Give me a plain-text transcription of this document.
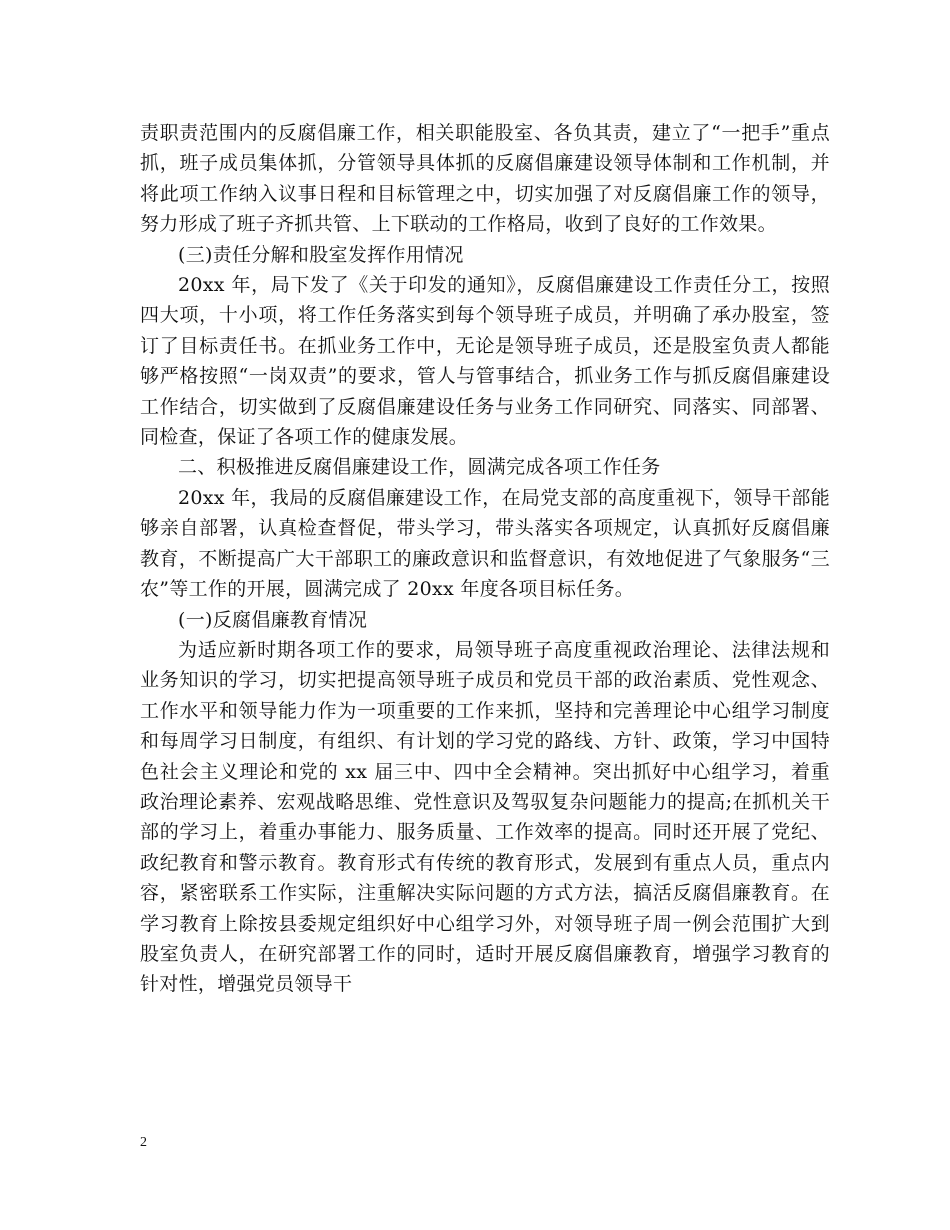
责职责范围内的反腐倡廉工作，相关职能股室、各负其责，建立了“一把手”重点抓，班子成员集体抓，分管领导具体抓的反腐倡廉建设领导体制和工作机制，并将此项工作纳入议事日程和目标管理之中，切实加强了对反腐倡廉工作的领导，努力形成了班子齐抓共管、上下联动的工作格局，收到了良好的工作效果。

(三)责任分解和股室发挥作用情况

20xx 年，局下发了《关于印发的通知》，反腐倡廉建设工作责任分工，按照四大项，十小项，将工作任务落实到每个领导班子成员，并明确了承办股室，签订了目标责任书。在抓业务工作中，无论是领导班子成员，还是股室负责人都能够严格按照“一岗双责”的要求，管人与管事结合，抓业务工作与抓反腐倡廉建设工作结合，切实做到了反腐倡廉建设任务与业务工作同研究、同落实、同部署、同检查，保证了各项工作的健康发展。

二、积极推进反腐倡廉建设工作，圆满完成各项工作任务

20xx 年，我局的反腐倡廉建设工作，在局党支部的高度重视下，领导干部能够亲自部署，认真检查督促，带头学习，带头落实各项规定，认真抓好反腐倡廉教育，不断提高广大干部职工的廉政意识和监督意识，有效地促进了气象服务“三农”等工作的开展，圆满完成了 20xx 年度各项目标任务。

(一)反腐倡廉教育情况

为适应新时期各项工作的要求，局领导班子高度重视政治理论、法律法规和业务知识的学习，切实把提高领导班子成员和党员干部的政治素质、党性观念、工作水平和领导能力作为一项重要的工作来抓，坚持和完善理论中心组学习制度和每周学习日制度，有组织、有计划的学习党的路线、方针、政策，学习中国特色社会主义理论和党的 xx 届三中、四中全会精神。突出抓好中心组学习，着重政治理论素养、宏观战略思维、党性意识及驾驭复杂问题能力的提高;在抓机关干部的学习上，着重办事能力、服务质量、工作效率的提高。同时还开展了党纪、政纪教育和警示教育。教育形式有传统的教育形式，发展到有重点人员，重点内容，紧密联系工作实际，注重解决实际问题的方式方法，搞活反腐倡廉教育。在学习教育上除按县委规定组织好中心组学习外，对领导班子周一例会范围扩大到股室负责人，在研究部署工作的同时，适时开展反腐倡廉教育，增强学习教育的针对性，增强党员领导干

2
